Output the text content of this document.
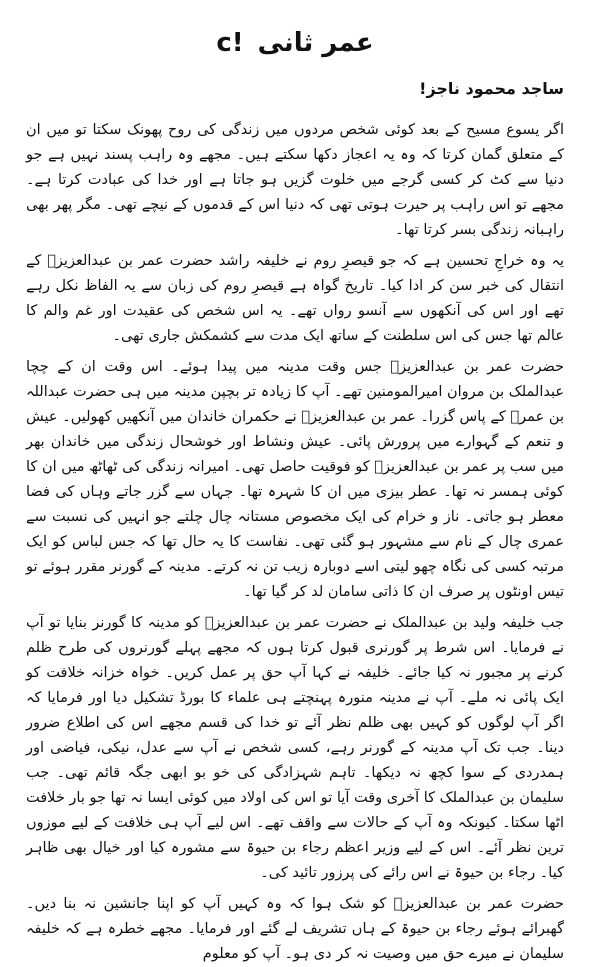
عمر ثانیc!
ساجد محمود ناجز!

اگر یسوع مسیح کے بعد کوئی شخص مردوں میں زندگی کی روح پھونک سکتا تو میں ان کے متعلق گمان کرتا کہ وہ یہ اعجاز دکھا سکتے ہیں۔ مجھے وہ راہب پسند نہیں ہے جو دنیا سے کٹ کر کسی گرجے میں خلوت گزیں ہو جاتا ہے اور خدا کی عبادت کرتا ہے۔ مجھے تو اس راہب پر حیرت ہوتی تھی کہ دنیا اس کے قدموں کے نیچے تھی۔ مگر پھر بھی راہبانہ زندگی بسر کرتا تھا۔

یہ وہ خراجِ تحسین ہے کہ جو قیصرِ روم نے خلیفہ راشد حضرت عمر بن عبدالعزیزؒ کے انتقال کی خبر سن کر ادا کیا۔ تاریخ گواہ ہے قیصرِ روم کی زبان سے یہ الفاظ نکل رہے تھے اور اس کی آنکھوں سے آنسو رواں تھے۔ یہ اس شخص کی عقیدت اور غم والم کا عالم تھا جس کی اس سلطنت کے ساتھ ایک مدت سے کشمکش جاری تھی۔

حضرت عمر بن عبدالعزیزؒ جس وقت مدینہ میں پیدا ہوئے۔ اس وقت ان کے چچا عبدالملک بن مروان امیرالمومنین تھے۔ آپ کا زیادہ تر بچپن مدینہ میں ہی حضرت عبداللہ بن عمرؓ کے پاس گزرا۔ عمر بن عبدالعزیزؒ نے حکمران خاندان میں آنکھیں کھولیں۔ عیش و تنعم کے گہوارے میں پرورش پائی۔ عیش ونشاط اور خوشحال زندگی میں خاندان بھر میں سب پر عمر بن عبدالعزیزؒ کو فوقیت حاصل تھی۔ امیرانہ زندگی کی ٹھاٹھ میں ان کا کوئی ہمسر نہ تھا۔ عطر بیزی میں ان کا شہرہ تھا۔ جہاں سے گزر جاتے وہاں کی فضا معطر ہو جاتی۔ ناز و خرام کی ایک مخصوص مستانہ چال چلتے جو انہیں کی نسبت سے عمری چال کے نام سے مشہور ہو گئی تھی۔ نفاست کا یہ حال تھا کہ جس لباس کو ایک مرتبہ کسی کی نگاہ چھو لیتی اسے دوبارہ زیب تن نہ کرتے۔ مدینہ کے گورنر مقرر ہوئے تو تیس اونٹوں پر صرف ان کا ذاتی سامان لد کر گیا تھا۔

جب خلیفہ ولید بن عبدالملک نے حضرت عمر بن عبدالعزیزؒ کو مدینہ کا گورنر بنایا تو آپ نے فرمایا۔ اس شرط پر گورنری قبول کرتا ہوں کہ مجھے پہلے گورنروں کی طرح ظلم کرنے پر مجبور نہ کیا جائے۔ خلیفہ نے کہا آپ حق پر عمل کریں۔ خواہ خزانہ خلافت کو ایک پائی نہ ملے۔ آپ نے مدینہ منورہ پہنچتے ہی علماء کا بورڈ تشکیل دیا اور فرمایا کہ اگر آپ لوگوں کو کہیں بھی ظلم نظر آئے تو خدا کی قسم مجھے اس کی اطلاع ضرور دینا۔ جب تک آپ مدینہ کے گورنر رہے، کسی شخص نے آپ سے عدل، نیکی، فیاضی اور ہمدردی کے سوا کچھ نہ دیکھا۔ تاہم شہزادگی کی خو بو ابھی جگہ قائم تھی۔ جب سلیمان بن عبدالملک کا آخری وقت آیا تو اس کی اولاد میں کوئی ایسا نہ تھا جو بار خلافت اٹھا سکتا۔ کیونکہ وہ آپ کے حالات سے واقف تھے۔ اس لیے آپ ہی خلافت کے لیے موزوں ترین نظر آئے۔ اس کے لیے وزیر اعظم رجاء بن حیوۃ سے مشورہ کیا اور خیال بھی ظاہر کیا۔ رجاء بن حیوۃ نے اس رائے کی پرزور تائید کی۔

حضرت عمر بن عبدالعزیزؒ کو شک ہوا کہ وہ کہیں آپ کو اپنا جانشین نہ بنا دیں۔ گھبرائے ہوئے رجاء بن حیوۃ کے ہاں تشریف لے گئے اور فرمایا۔ مجھے خطرہ ہے کہ خلیفہ سلیمان نے میرے حق میں وصیت نہ کر دی ہو۔ آپ کو معلوم
